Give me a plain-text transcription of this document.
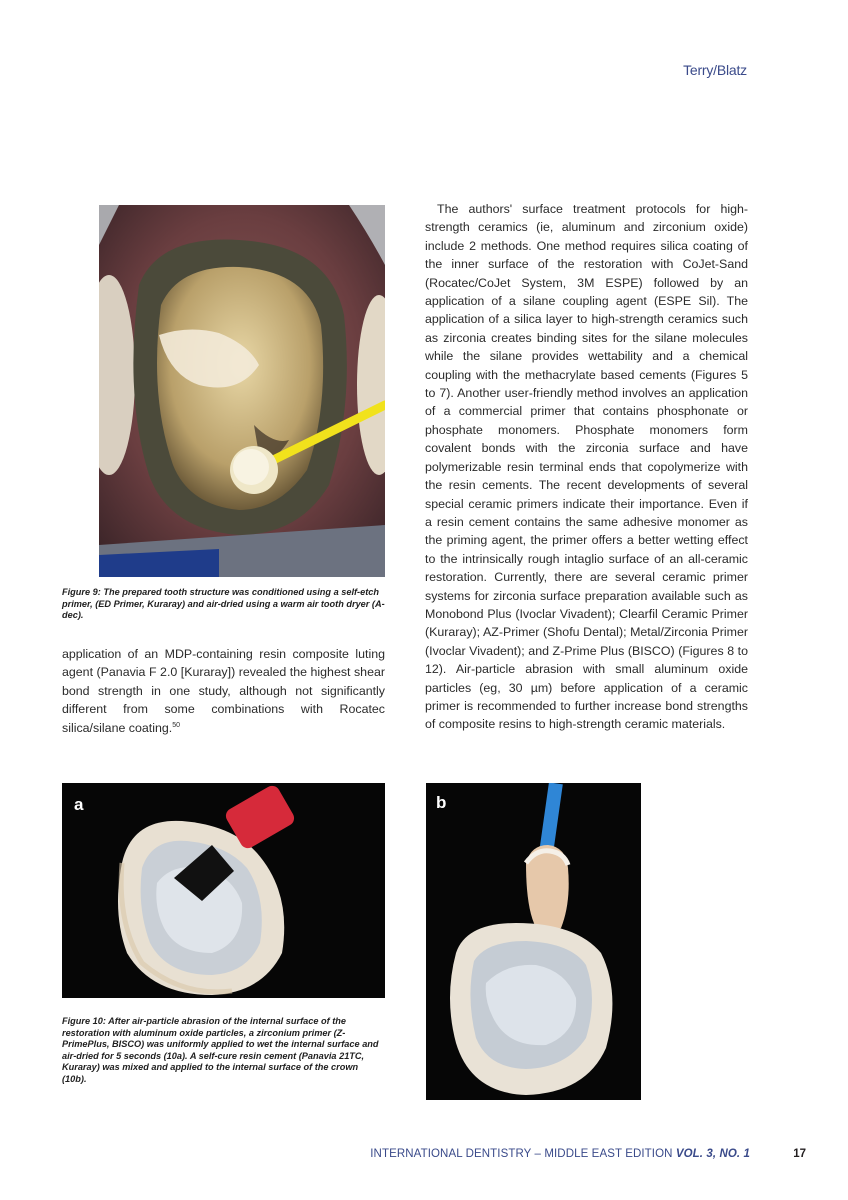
Terry/Blatz
Figure 9: The prepared tooth structure was conditioned using a self-etch primer, (ED Primer, Kuraray) and air-dried using a warm air tooth dryer (A-dec).

application of an MDP-containing resin composite luting agent (Panavia F 2.0 [Kuraray]) revealed the highest shear bond strength in one study, although not significantly different from some combinations with Rocatec silica/silane coating.$^{50}$

The authors' surface treatment protocols for high-strength ceramics (ie, aluminum and zirconium oxide) include 2 methods. One method requires silica coating of the inner surface of the restoration with CoJet-Sand (Rocatec/CoJet System, 3M ESPE) followed by an application of a silane coupling agent (ESPE Sil). The application of a silica layer to high-strength ceramics such as zirconia creates binding sites for the silane molecules while the silane provides wettability and a chemical coupling with the methacrylate based cements (Figures 5 to 7). Another user-friendly method involves an application of a commercial primer that contains phosphonate or phosphate monomers. Phosphate monomers form covalent bonds with the zirconia surface and have polymerizable resin terminal ends that copolymerize with the resin cements. The recent developments of several special ceramic primers indicate their importance. Even if a resin cement contains the same adhesive monomer as the priming agent, the primer offers a better wetting effect to the intrinsically rough intaglio surface of an all-ceramic restoration. Currently, there are several ceramic primer systems for zirconia surface preparation available such as Monobond Plus (Ivoclar Vivadent); Clearfil Ceramic Primer (Kuraray); AZ-Primer (Shofu Dental); Metal/Zirconia Primer (Ivoclar Vivadent); and Z-Prime Plus (BISCO) (Figures 8 to 12). Air-particle abrasion with small aluminum oxide particles (eg, 30 µm) before application of a ceramic primer is recommended to further increase bond strengths of composite resins to high-strength ceramic materials.

a
Figure 10: After air-particle abrasion of the internal surface of the restoration with aluminum oxide particles, a zirconium primer (Z-PrimePlus, BISCO) was uniformly applied to wet the internal surface and air-dried for 5 seconds (10a). A self-cure resin cement (Panavia 21TC, Kuraray) was mixed and applied to the internal surface of the crown (10b).
b
INTERNATIONAL DENTISTRY – MIDDLE EAST EDITION VOL. 3, NO. 1	17
